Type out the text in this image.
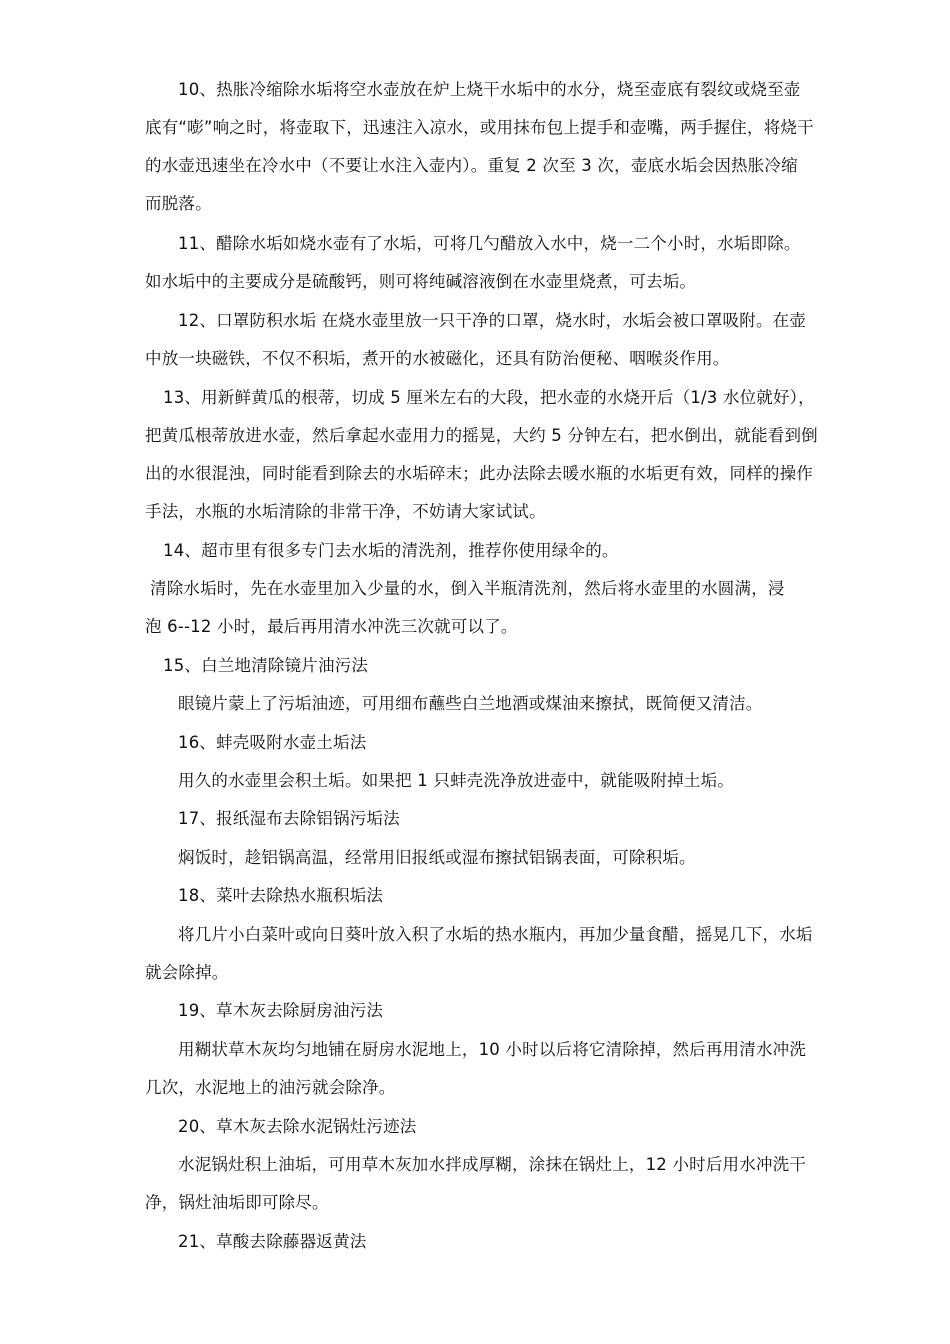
10、热胀冷缩除水垢将空水壶放在炉上烧干水垢中的水分，烧至壶底有裂纹或烧至壶
底有“嘭”响之时，将壶取下，迅速注入凉水，或用抹布包上提手和壶嘴，两手握住，将烧干
的水壶迅速坐在冷水中（不要让水注入壶内）。重复 2 次至 3 次，壶底水垢会因热胀冷缩
而脱落。
11、醋除水垢如烧水壶有了水垢，可将几勺醋放入水中，烧一二个小时，水垢即除。
如水垢中的主要成分是硫酸钙，则可将纯碱溶液倒在水壶里烧煮，可去垢。
12、口罩防积水垢 在烧水壶里放一只干净的口罩，烧水时，水垢会被口罩吸附。在壶
中放一块磁铁，不仅不积垢，煮开的水被磁化，还具有防治便秘、咽喉炎作用。
13、用新鲜黄瓜的根蒂，切成 5 厘米左右的大段，把水壶的水烧开后（1/3 水位就好），
把黄瓜根蒂放进水壶，然后拿起水壶用力的摇晃，大约 5 分钟左右，把水倒出，就能看到倒
出的水很混浊，同时能看到除去的水垢碎末；此办法除去暖水瓶的水垢更有效，同样的操作
手法，水瓶的水垢清除的非常干净，不妨请大家试试。
14、超市里有很多专门去水垢的清洗剂，推荐你使用绿伞的。
清除水垢时，先在水壶里加入少量的水，倒入半瓶清洗剂，然后将水壶里的水圆满，浸
泡 6--12 小时，最后再用清水冲洗三次就可以了。
15、白兰地清除镜片油污法
眼镜片蒙上了污垢油迹，可用细布蘸些白兰地酒或煤油来擦拭，既简便又清洁。
16、蚌壳吸附水壶土垢法
用久的水壶里会积土垢。如果把 1 只蚌壳洗净放进壶中，就能吸附掉土垢。
17、报纸湿布去除铝锅污垢法
焖饭时，趁铝锅高温，经常用旧报纸或湿布擦拭铝锅表面，可除积垢。
18、菜叶去除热水瓶积垢法
将几片小白菜叶或向日葵叶放入积了水垢的热水瓶内，再加少量食醋，摇晃几下，水垢
就会除掉。
19、草木灰去除厨房油污法
用糊状草木灰均匀地铺在厨房水泥地上，10 小时以后将它清除掉，然后再用清水冲洗
几次，水泥地上的油污就会除净。
20、草木灰去除水泥锅灶污迹法
水泥锅灶积上油垢，可用草木灰加水拌成厚糊，涂抹在锅灶上，12 小时后用水冲洗干
净，锅灶油垢即可除尽。
21、草酸去除藤器返黄法
